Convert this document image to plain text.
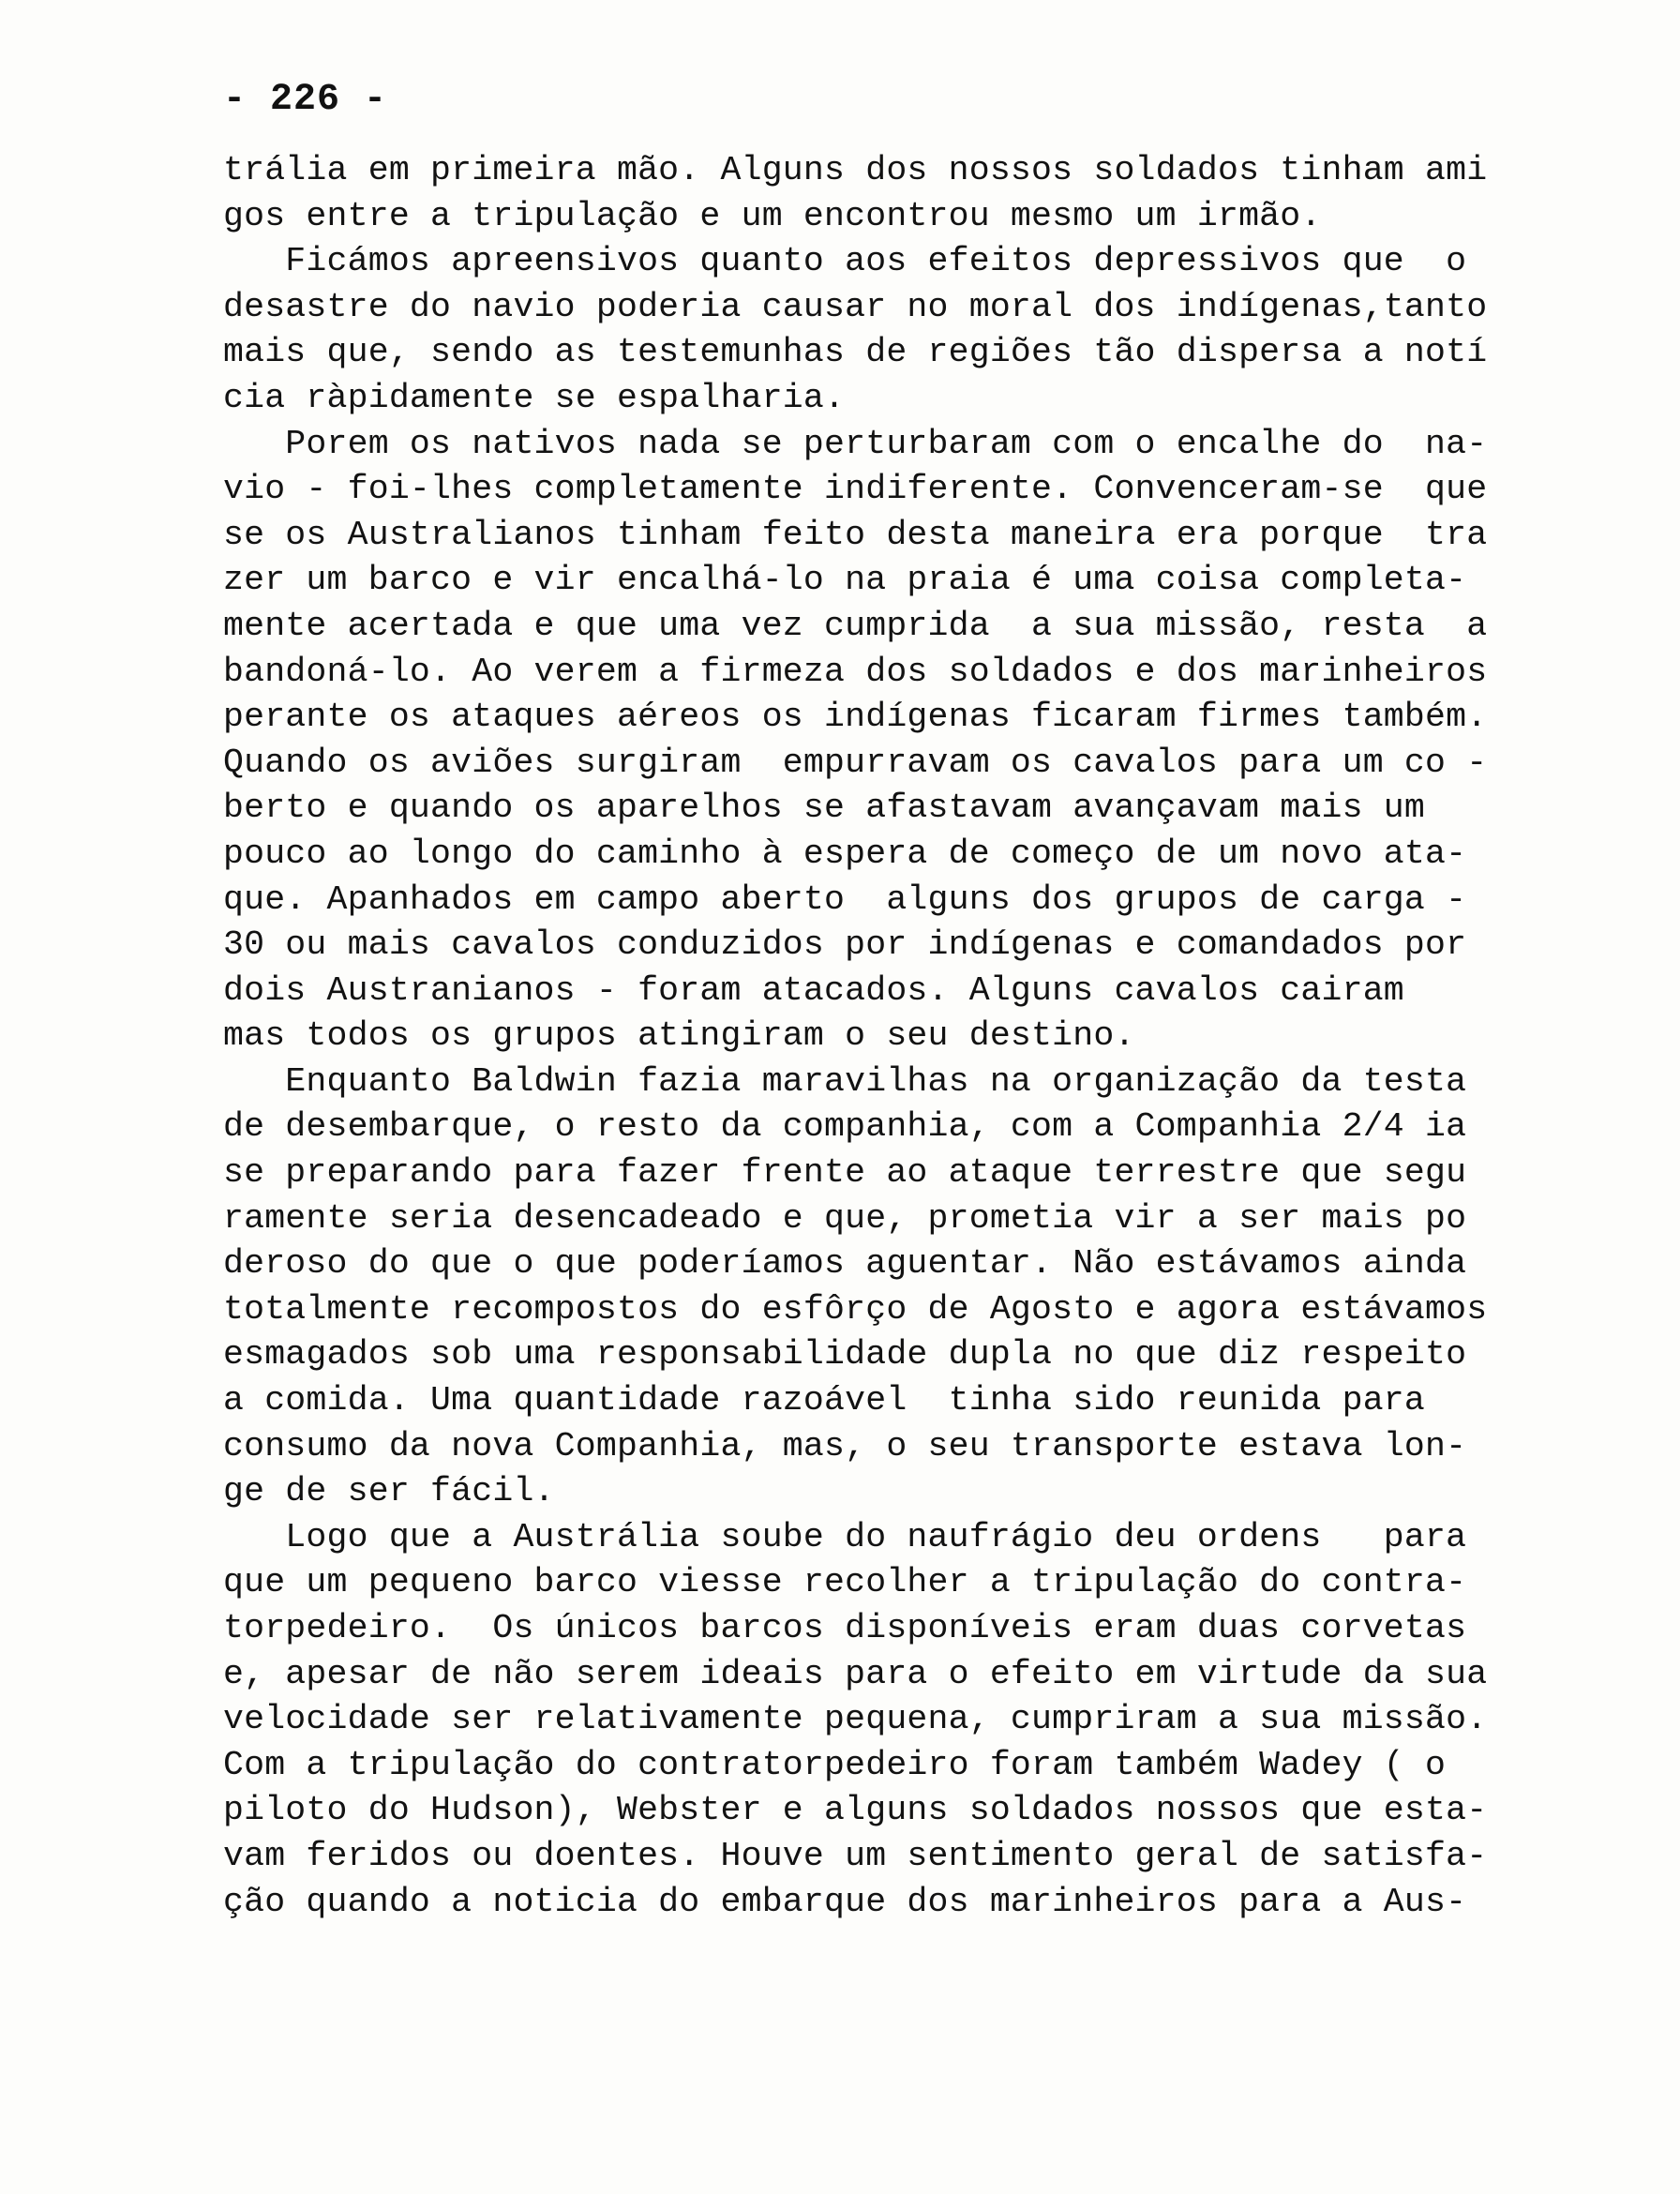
- 226 -
trália em primeira mão. Alguns dos nossos soldados tinham ami
gos entre a tripulação e um encontrou mesmo um irmão.
Ficámos apreensivos quanto aos efeitos depressivos que  o
desastre do navio poderia causar no moral dos indígenas,tanto
mais que, sendo as testemunhas de regiões tão dispersa a notí
cia ràpidamente se espalharia.
Porem os nativos nada se perturbaram com o encalhe do  na-
vio - foi-lhes completamente indiferente. Convenceram-se  que
se os Australianos tinham feito desta maneira era porque  tra
zer um barco e vir encalhá-lo na praia é uma coisa completa-
mente acertada e que uma vez cumprida  a sua missão, resta  a
bandoná-lo. Ao verem a firmeza dos soldados e dos marinheiros
perante os ataques aéreos os indígenas ficaram firmes também.
Quando os aviões surgiram  empurravam os cavalos para um co -
berto e quando os aparelhos se afastavam avançavam mais um
pouco ao longo do caminho à espera de começo de um novo ata-
que. Apanhados em campo aberto  alguns dos grupos de carga -
30 ou mais cavalos conduzidos por indígenas e comandados por
dois Austranianos - foram atacados. Alguns cavalos cairam
mas todos os grupos atingiram o seu destino.
Enquanto Baldwin fazia maravilhas na organização da testa
de desembarque, o resto da companhia, com a Companhia 2/4 ia
se preparando para fazer frente ao ataque terrestre que segu
ramente seria desencadeado e que, prometia vir a ser mais po
deroso do que o que poderíamos aguentar. Não estávamos ainda
totalmente recompostos do esfôrço de Agosto e agora estávamos
esmagados sob uma responsabilidade dupla no que diz respeito
a comida. Uma quantidade razoável  tinha sido reunida para
consumo da nova Companhia, mas, o seu transporte estava lon-
ge de ser fácil.
Logo que a Austrália soube do naufrágio deu ordens   para
que um pequeno barco viesse recolher a tripulação do contra-
torpedeiro.  Os únicos barcos disponíveis eram duas corvetas
e, apesar de não serem ideais para o efeito em virtude da sua
velocidade ser relativamente pequena, cumpriram a sua missão.
Com a tripulação do contratorpedeiro foram também Wadey ( o
piloto do Hudson), Webster e alguns soldados nossos que esta-
vam feridos ou doentes. Houve um sentimento geral de satisfa-
ção quando a noticia do embarque dos marinheiros para a Aus-
